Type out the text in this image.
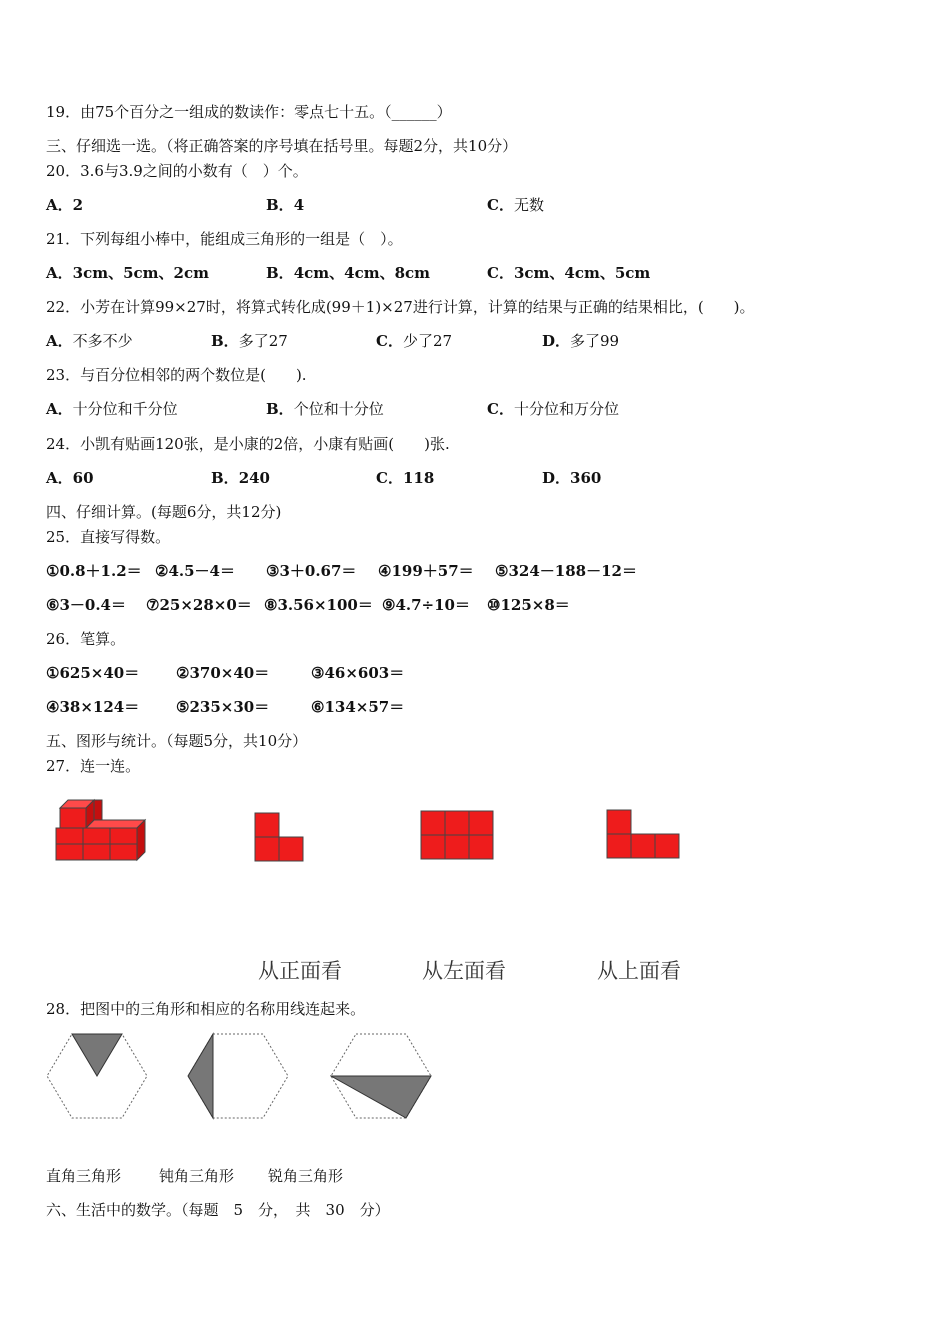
19．由75个百分之一组成的数读作：零点七十五。（______）
三、仔细选一选。（将正确答案的序号填在括号里。每题2分，共10分）
20．3.6与3.9之间的小数有（　）个。
A．2	B．4	C．无数
21．下列每组小棒中，能组成三角形的一组是（　）。
A．3cm、5cm、2cm	B．4cm、4cm、8cm	C．3cm、4cm、5cm
22．小芳在计算99×27时，将算式转化成(99＋1)×27进行计算，计算的结果与正确的结果相比，(　　)。
A．不多不少	B．多了27	C．少了27	D．多了99
23．与百分位相邻的两个数位是(　　).
A．十分位和千分位	B．个位和十分位	C．十分位和万分位
24．小凯有贴画120张，是小康的2倍，小康有贴画(　　)张.
A．60	B．240	C．118	D．360
四、仔细计算。(每题6分，共12分)
25．直接写得数。
①0.8＋1.2＝ ②4.5－4＝ ③3＋0.67＝ ④199＋57＝ ⑤324－188－12＝
⑥3－0.4＝ ⑦25×28×0＝ ⑧3.56×100＝ ⑨4.7÷10＝ ⑩125×8＝
26．笔算。
①625×40＝ ②370×40＝	③46×603＝
④38×124＝ ⑤235×30＝	⑥134×57＝
五、图形与统计。（每题5分，共10分）
27．连一连。
从正面看	从左面看	从上面看
28．把图中的三角形和相应的名称用线连起来。
直角三角形	钝角三角形 锐角三角形
六、生活中的数学。（每题　5　分，　共　30　分）
